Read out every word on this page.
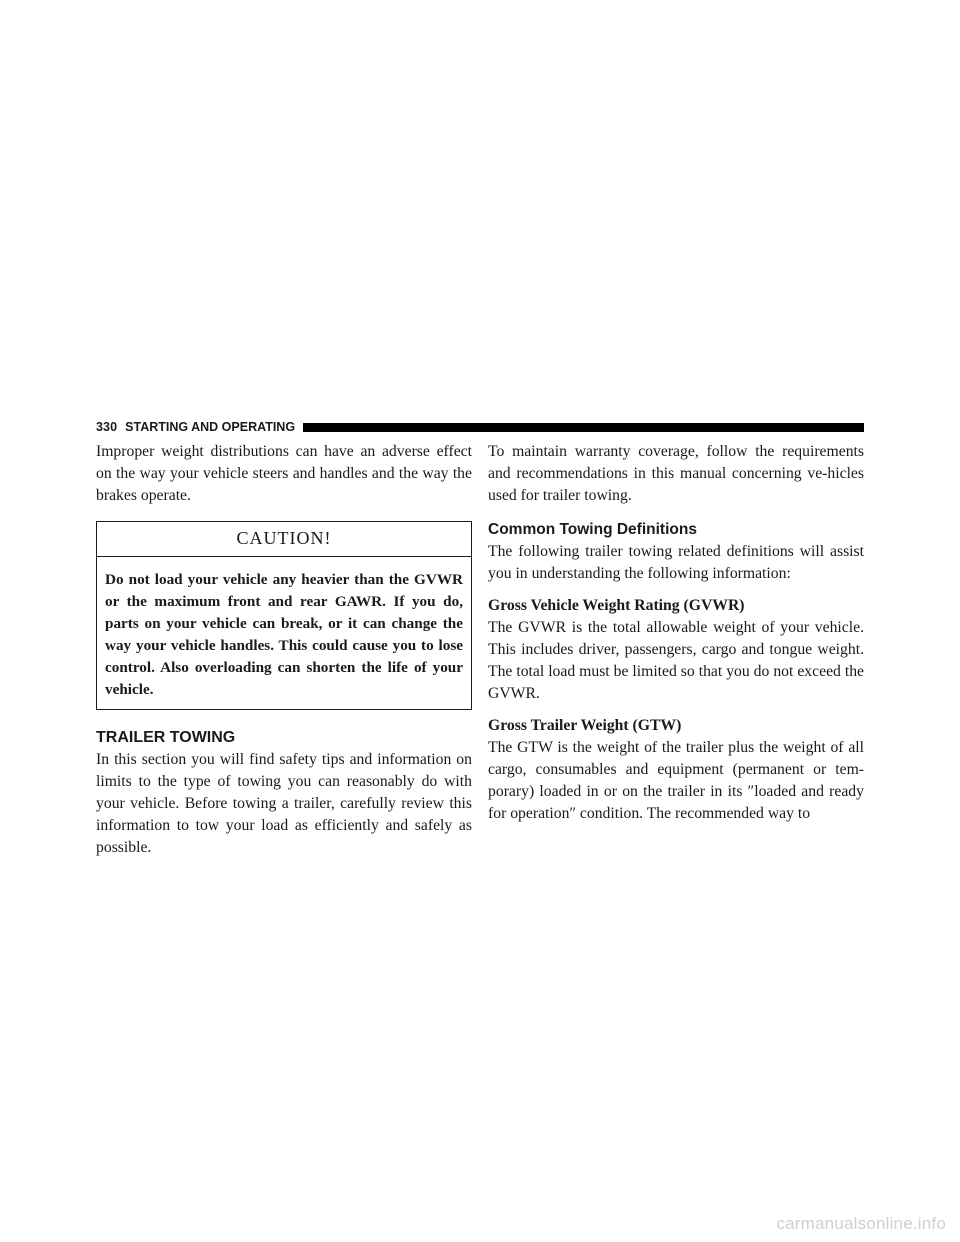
330 STARTING AND OPERATING

Improper weight distributions can have an adverse effect on the way your vehicle steers and handles and the way the brakes operate.

CAUTION!
Do not load your vehicle any heavier than the GVWR or the maximum front and rear GAWR. If you do, parts on your vehicle can break, or it can change the way your vehicle handles. This could cause you to lose control. Also overloading can shorten the life of your vehicle.
TRAILER TOWING

In this section you will find safety tips and information on limits to the type of towing you can reasonably do with your vehicle. Before towing a trailer, carefully review this information to tow your load as efficiently and safely as possible.

To maintain warranty coverage, follow the requirements and recommendations in this manual concerning ve-hicles used for trailer towing.

Common Towing Definitions

The following trailer towing related definitions will assist you in understanding the following information:

Gross Vehicle Weight Rating (GVWR)

The GVWR is the total allowable weight of your vehicle. This includes driver, passengers, cargo and tongue weight. The total load must be limited so that you do not exceed the GVWR.

Gross Trailer Weight (GTW)

The GTW is the weight of the trailer plus the weight of all cargo, consumables and equipment (permanent or tem-porary) loaded in or on the trailer in its ″loaded and ready for operation″ condition. The recommended way to

carmanualsonline.info
